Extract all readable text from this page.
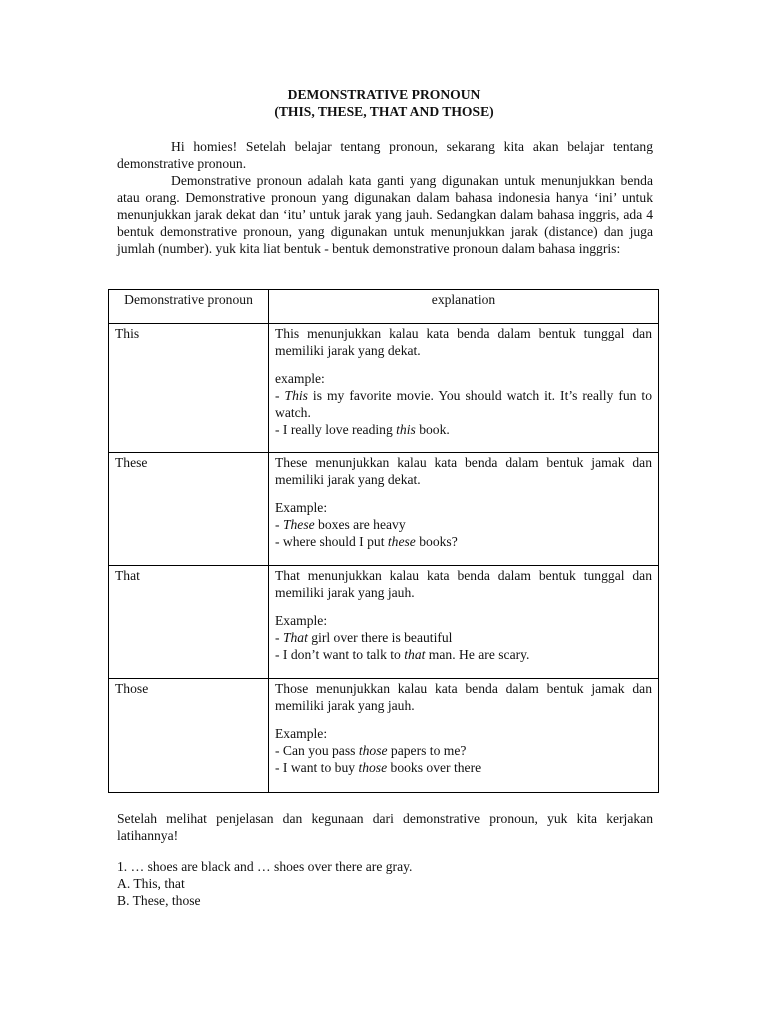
DEMONSTRATIVE PRONOUN
(THIS, THESE, THAT AND THOSE)

Hi homies! Setelah belajar tentang pronoun, sekarang kita akan belajar tentang demonstrative pronoun.

Demonstrative pronoun adalah kata ganti yang digunakan untuk menunjukkan benda atau orang. Demonstrative pronoun yang digunakan dalam bahasa indonesia hanya ‘ini’ untuk menunjukkan jarak dekat dan ‘itu’ untuk jarak yang jauh. Sedangkan dalam bahasa inggris, ada 4 bentuk demonstrative pronoun, yang digunakan untuk menunjukkan jarak (distance) dan juga jumlah (number). yuk kita liat bentuk - bentuk demonstrative pronoun dalam bahasa inggris:

Demonstrative pronoun	explanation
This	This menunjukkan kalau kata benda dalam bentuk tunggal dan memiliki jarak yang dekat.

example:

- This is my favorite movie. You should watch it. It’s really fun to watch.

- I really love reading this book.

These	These menunjukkan kalau kata benda dalam bentuk jamak dan memiliki jarak yang dekat.

Example:

- These boxes are heavy

- where should I put these books?

That	That menunjukkan kalau kata benda dalam bentuk tunggal dan memiliki jarak yang jauh.

Example:

- That girl over there is beautiful

- I don’t want to talk to that man. He are scary.

Those	Those menunjukkan kalau kata benda dalam bentuk jamak dan memiliki jarak yang jauh.

Example:

- Can you pass those papers to me?

- I want to buy those books over there

Setelah melihat penjelasan dan kegunaan dari demonstrative pronoun, yuk kita kerjakan latihannya!

1. … shoes are black and … shoes over there are gray.

A. This, that

B. These, those
